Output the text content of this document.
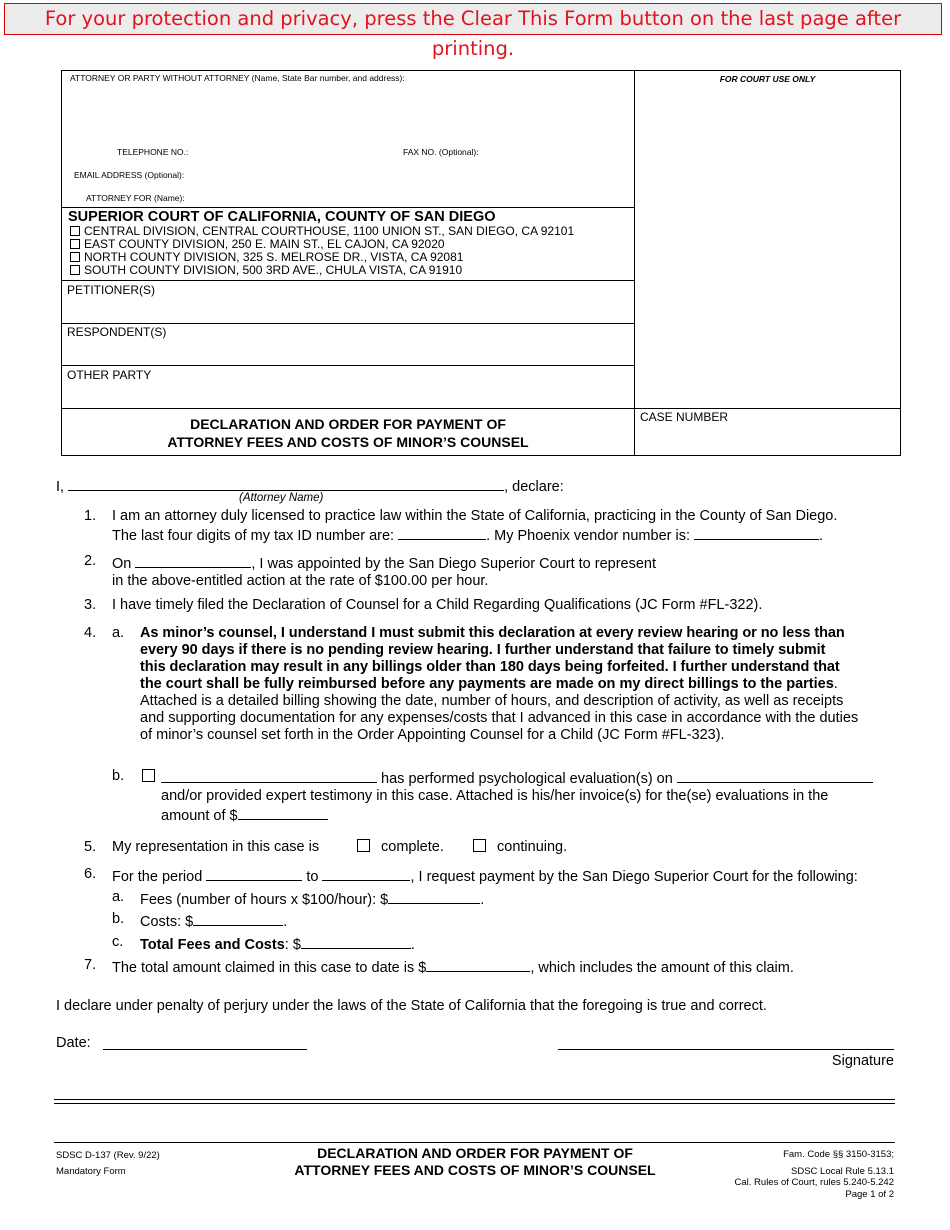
For your protection and privacy, press the Clear This Form button on the last page after printing.
ATTORNEY OR PARTY WITHOUT ATTORNEY (Name, State Bar number, and address):
TELEPHONE NO.:	FAX NO. (Optional):
EMAIL ADDRESS (Optional):
ATTORNEY FOR (Name):
FOR COURT USE ONLY
SUPERIOR COURT OF CALIFORNIA, COUNTY OF SAN DIEGO
CENTRAL DIVISION, CENTRAL COURTHOUSE, 1100 UNION ST., SAN DIEGO, CA 92101
EAST COUNTY DIVISION, 250 E. MAIN ST., EL CAJON, CA 92020
NORTH COUNTY DIVISION, 325 S. MELROSE DR., VISTA, CA 92081
SOUTH COUNTY DIVISION, 500 3RD AVE., CHULA VISTA, CA 91910
PETITIONER(S)
RESPONDENT(S)
OTHER PARTY
DECLARATION AND ORDER FOR PAYMENT OF
ATTORNEY FEES AND COSTS OF MINOR’S COUNSEL
CASE NUMBER
I,	, declare:
(Attorney Name)
1. I am an attorney duly licensed to practice law within the State of California, practicing in the County of San Diego.
The last four digits of my tax ID number are:	. My Phoenix vendor number is:	.
2. On	, I was appointed by the San Diego Superior Court to represent
in the above-entitled action at the rate of $100.00 per hour.
3. I have timely filed the Declaration of Counsel for a Child Regarding Qualifications (JC Form #FL-322).
4. a. As minor’s counsel, I understand I must submit this declaration at every review hearing or no less than
every 90 days if there is no pending review hearing. I further understand that failure to timely submit
this declaration may result in any billings older than 180 days being forfeited. I further understand that
the court shall be fully reimbursed before any payments are made on my direct billings to the parties.
Attached is a detailed billing showing the date, number of hours, and description of activity, as well as receipts
and supporting documentation for any expenses/costs that I advanced in this case in accordance with the duties
of minor’s counsel set forth in the Order Appointing Counsel for a Child (JC Form #FL-323).
b.	has performed psychological evaluation(s) on
and/or provided expert testimony in this case. Attached is his/her invoice(s) for the(se) evaluations in the
amount of $
5. My representation in this case is	complete.	continuing.
6. For the period	to	, I request payment by the San Diego Superior Court for the following:
a. Fees (number of hours x $100/hour): $	.
b. Costs: $	.
c. Total Fees and Costs: $	.
7. The total amount claimed in this case to date is $	, which includes the amount of this claim.
I declare under penalty of perjury under the laws of the State of California that the foregoing is true and correct.
Date:
Signature
SDSC D-137 (Rev. 9/22)
Mandatory Form
DECLARATION AND ORDER FOR PAYMENT OF
ATTORNEY FEES AND COSTS OF MINOR’S COUNSEL
Fam. Code §§ 3150-3153;
SDSC Local Rule 5.13.1
Cal. Rules of Court, rules 5.240-5.242
Page 1 of 2
